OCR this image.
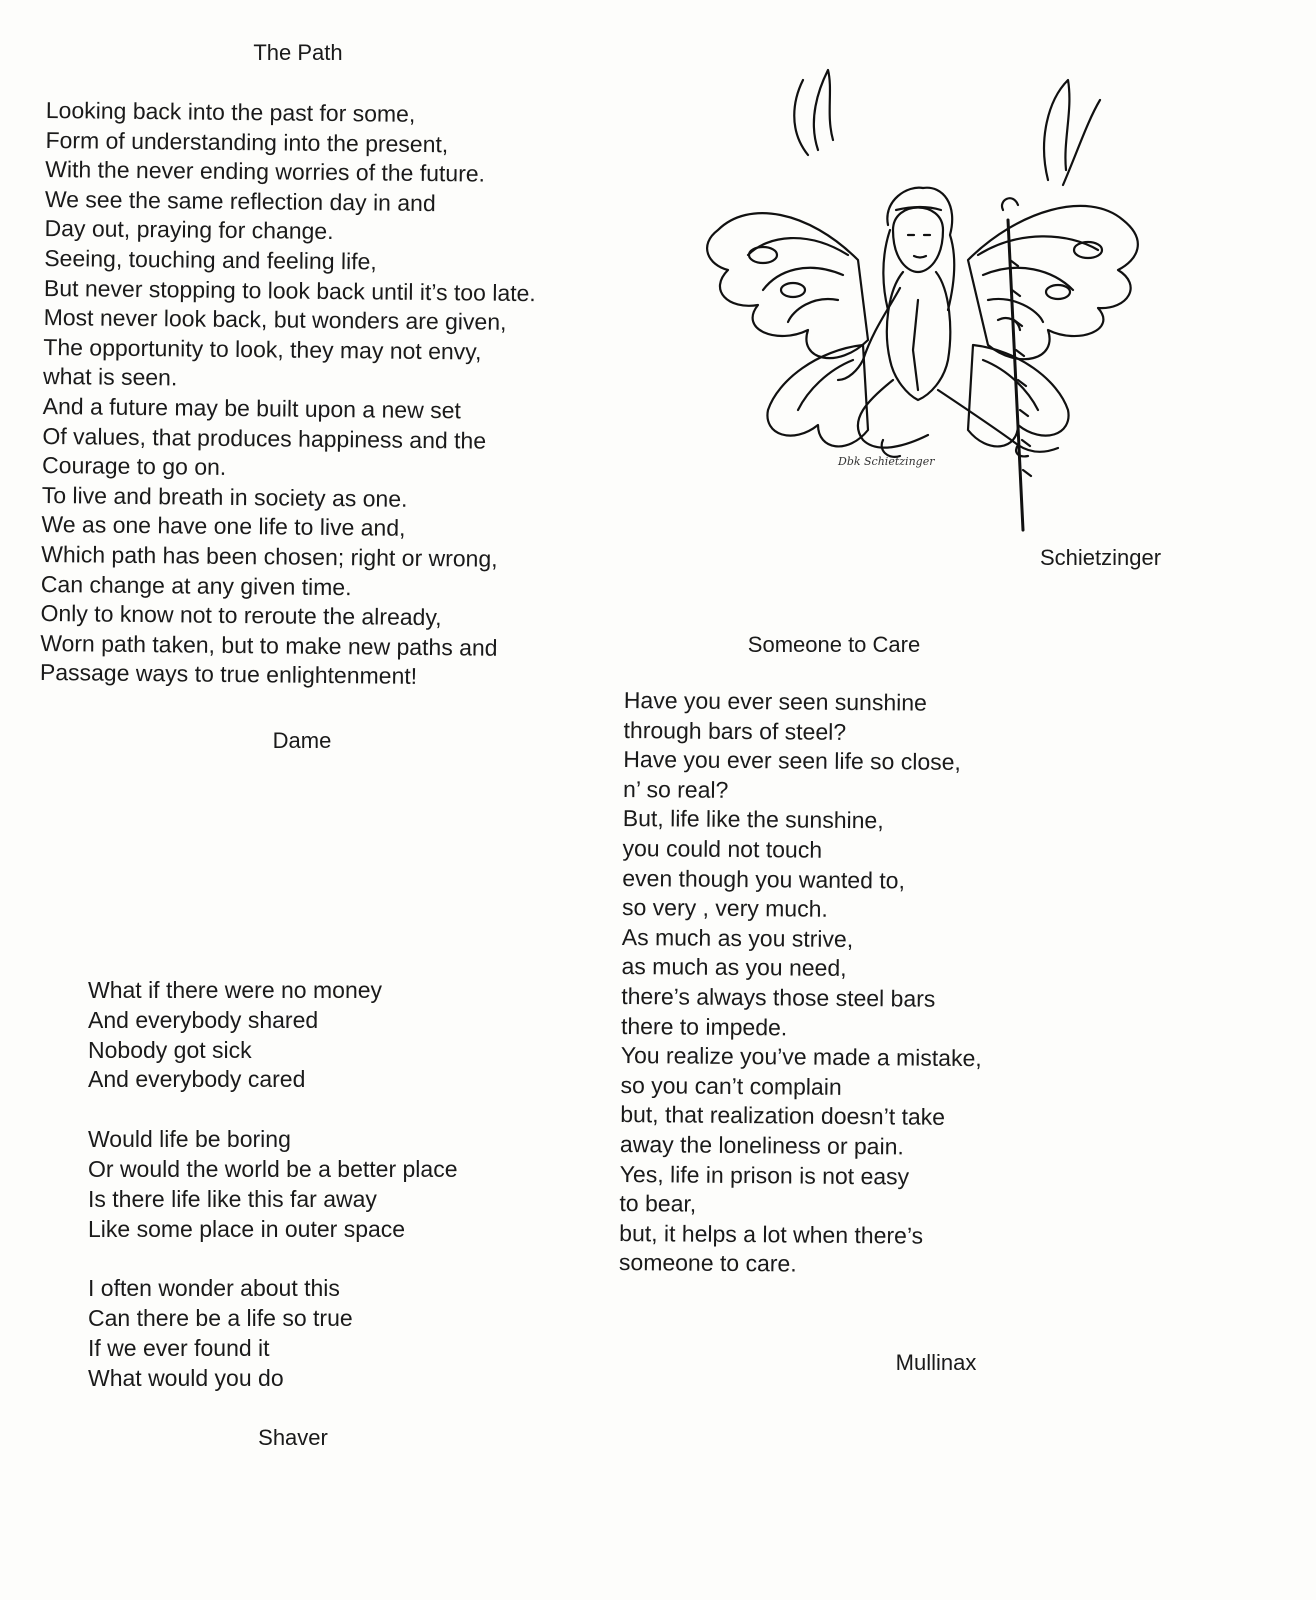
The Path
Looking back into the past for some,
Form of understanding into the present,
With the never ending worries of the future.
We see the same reflection day in and
Day out, praying for change.
Seeing, touching and feeling life,
But never stopping to look back until it’s too late.
Most never look back, but wonders are given,
The opportunity to look, they may not envy,
what is seen.
And a future may be built upon a new set
Of values, that produces happiness and the
Courage to go on.
To live and breath in society as one.
We as one have one life to live and,
Which path has been chosen; right or wrong,
Can change at any given time.
Only to know not to reroute the already,
Worn path taken, but to make new paths and
Passage ways to true enlightenment!

Dame

What if there were no money
And everybody shared
Nobody got sick
And everybody cared
Would life be boring
Or would the world be a better place
Is there life like this far away
Like some place in outer space
I often wonder about this
Can there be a life so true
If we ever found it
What would you do

Shaver

Dbk Schietzinger

Schietzinger

Someone to Care
Have you ever seen sunshine
through bars of steel?
Have you ever seen life so close,
n’ so real?
But, life like the sunshine,
you could not touch
even though you wanted to,
so very , very much.
As much as you strive,
as much as you need,
there’s always those steel bars
there to impede.
You realize you’ve made a mistake,
so you can’t complain
but, that realization doesn’t take
away the loneliness or pain.
Yes, life in prison is not easy
to bear,
but, it helps a lot when there’s
someone to care.

Mullinax
